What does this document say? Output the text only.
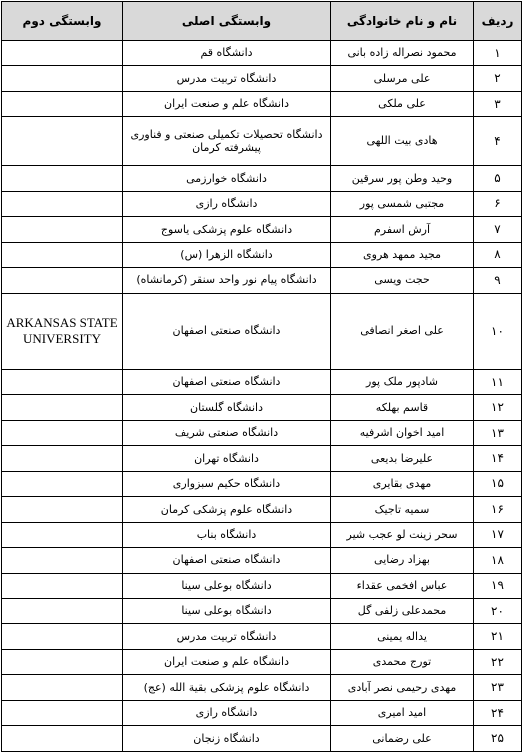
ردیف	نام و نام خانوادگی	وابستگی اصلی	وابستگی دوم
۱	محمود نصراله زاده بانی	دانشگاه قم	
۲	علی مرسلی	دانشگاه تربیت مدرس	
۳	علی ملکی	دانشگاه علم و صنعت ایران	
۴	هادی بیت اللهی	دانشگاه تحصیلات تکمیلی صنعتی و فناوری پیشرفته کرمان	
۵	وحید وطن پور سرقین	دانشگاه خوارزمی	
۶	مجتبی شمسی پور	دانشگاه رازی	
۷	آرش اسفرم	دانشگاه علوم پزشکی یاسوج	
۸	مجید ممهد هروی	دانشگاه الزهرا (س)	
۹	حجت ویسی	دانشگاه پیام نور واحد سنقر (کرمانشاه)	
۱۰	علی اصغر انصافی	دانشگاه صنعتی اصفهان	ARKANSAS STATE UNIVERSITY
۱۱	شادپور ملک پور	دانشگاه صنعتی اصفهان	
۱۲	قاسم بهلکه	دانشگاه گلستان	
۱۳	امید اخوان اشرفیه	دانشگاه صنعتی شریف	
۱۴	علیرضا بدیعی	دانشگاه تهران	
۱۵	مهدی بقایری	دانشگاه حکیم سبزواری	
۱۶	سمیه تاجیک	دانشگاه علوم پزشکی کرمان	
۱۷	سحر زینت لو عجب شیر	دانشگاه بناب	
۱۸	بهزاد رضایی	دانشگاه صنعتی اصفهان	
۱۹	عباس افخمی عقداء	دانشگاه بوعلی سینا	
۲۰	محمدعلی زلفی گل	دانشگاه بوعلی سینا	
۲۱	یداله یمینی	دانشگاه تربیت مدرس	
۲۲	تورج محمدی	دانشگاه علم و صنعت ایران	
۲۳	مهدی رحیمی نصر آبادی	دانشگاه علوم پزشکی بقیة الله (عج)	
۲۴	امید امیری	دانشگاه رازی	
۲۵	علی رضمانی	دانشگاه زنجان	
